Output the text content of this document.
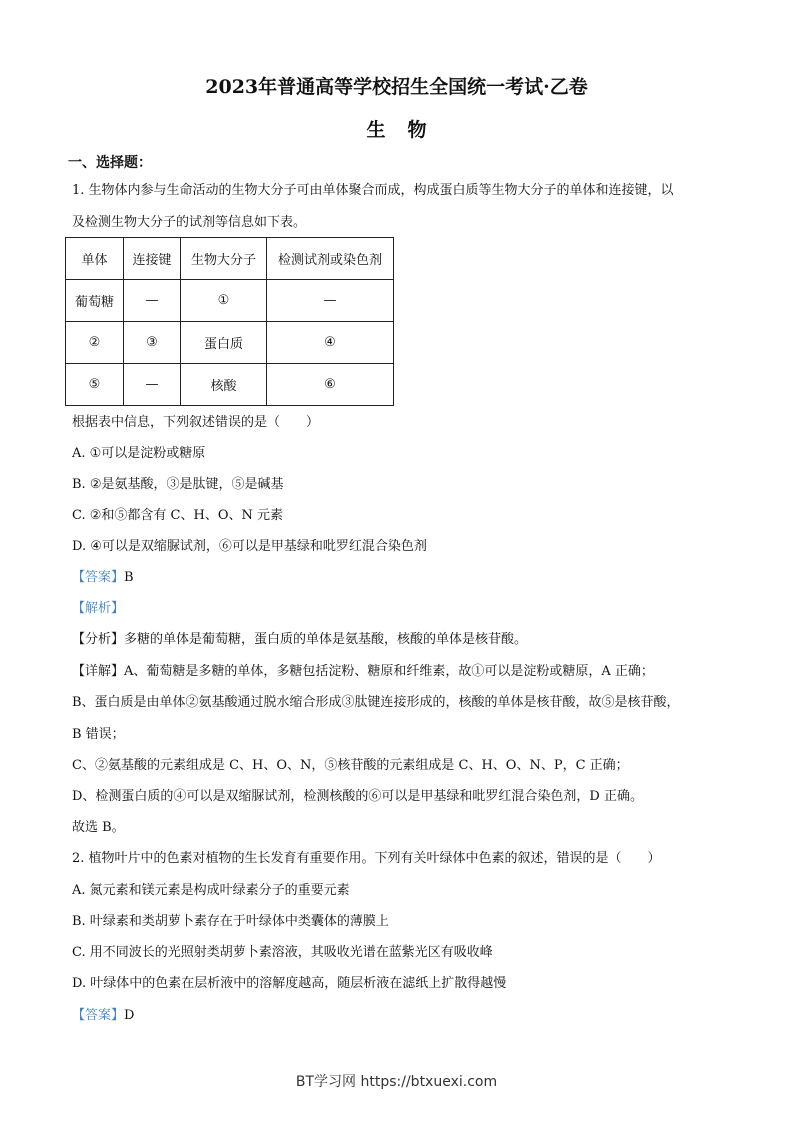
2023年普通高等学校招生全国统一考试·乙卷
生物
一、选择题：
1. 生物体内参与生命活动的生物大分子可由单体聚合而成，构成蛋白质等生物大分子的单体和连接键，以
及检测生物大分子的试剂等信息如下表。
单体	连接键	生物大分子	检测试剂或染色剂
葡萄糖	—	①	—
②	③	蛋白质	④
⑤	—	核酸	⑥
根据表中信息，下列叙述错误的是（　　）
A. ①可以是淀粉或糖原
B. ②是氨基酸，③是肽键，⑤是碱基
C. ②和⑤都含有 C、H、O、N 元素
D. ④可以是双缩脲试剂，⑥可以是甲基绿和吡罗红混合染色剂
【答案】B
【解析】
【分析】多糖的单体是葡萄糖，蛋白质的单体是氨基酸，核酸的单体是核苷酸。
【详解】A、葡萄糖是多糖的单体，多糖包括淀粉、糖原和纤维素，故①可以是淀粉或糖原，A 正确；
B、蛋白质是由单体②氨基酸通过脱水缩合形成③肽键连接形成的，核酸的单体是核苷酸，故⑤是核苷酸，
B 错误；
C、②氨基酸的元素组成是 C、H、O、N，⑤核苷酸的元素组成是 C、H、O、N、P，C 正确；
D、检测蛋白质的④可以是双缩脲试剂，检测核酸的⑥可以是甲基绿和吡罗红混合染色剂，D 正确。
故选 B。
2. 植物叶片中的色素对植物的生长发育有重要作用。下列有关叶绿体中色素的叙述，错误的是（　　）
A. 氮元素和镁元素是构成叶绿素分子的重要元素
B. 叶绿素和类胡萝卜素存在于叶绿体中类囊体的薄膜上
C. 用不同波长的光照射类胡萝卜素溶液，其吸收光谱在蓝紫光区有吸收峰
D. 叶绿体中的色素在层析液中的溶解度越高，随层析液在滤纸上扩散得越慢
【答案】D
BT学习网 https://btxuexi.com
